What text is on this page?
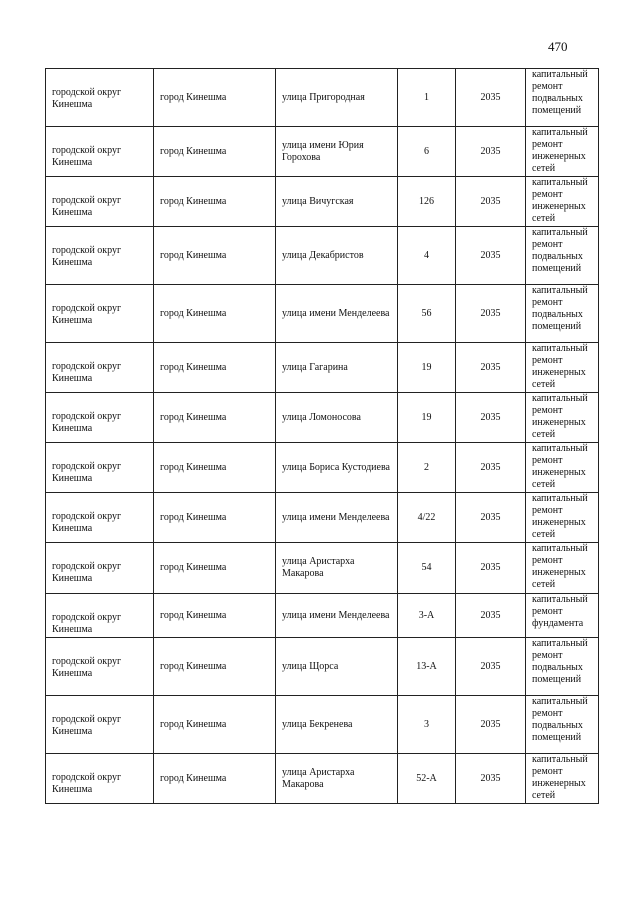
470
городской округ Кинешма	город Кинешма	улица Пригородная	1	2035	капитальный ремонт подвальных помещений
городской округ Кинешма	город Кинешма	улица имени Юрия Горохова	6	2035	капитальный ремонт инженерных сетей
городской округ Кинешма	город Кинешма	улица Вичугская	126	2035	капитальный ремонт инженерных сетей
городской округ Кинешма	город Кинешма	улица Декабристов	4	2035	капитальный ремонт подвальных помещений
городской округ Кинешма	город Кинешма	улица имени Менделеева	56	2035	капитальный ремонт подвальных помещений
городской округ Кинешма	город Кинешма	улица Гагарина	19	2035	капитальный ремонт инженерных сетей
городской округ Кинешма	город Кинешма	улица Ломоносова	19	2035	капитальный ремонт инженерных сетей
городской округ Кинешма	город Кинешма	улица Бориса Кустодиева	2	2035	капитальный ремонт инженерных сетей
городской округ Кинешма	город Кинешма	улица имени Менделеева	4/22	2035	капитальный ремонт инженерных сетей
городской округ Кинешма	город Кинешма	улица Аристарха Макарова	54	2035	капитальный ремонт инженерных сетей
городской округ Кинешма	город Кинешма	улица имени Менделеева	3-А	2035	капитальный ремонт фундамента
городской округ Кинешма	город Кинешма	улица Щорса	13-А	2035	капитальный ремонт подвальных помещений
городской округ Кинешма	город Кинешма	улица Бекренева	3	2035	капитальный ремонт подвальных помещений
городской округ Кинешма	город Кинешма	улица Аристарха Макарова	52-А	2035	капитальный ремонт инженерных сетей
